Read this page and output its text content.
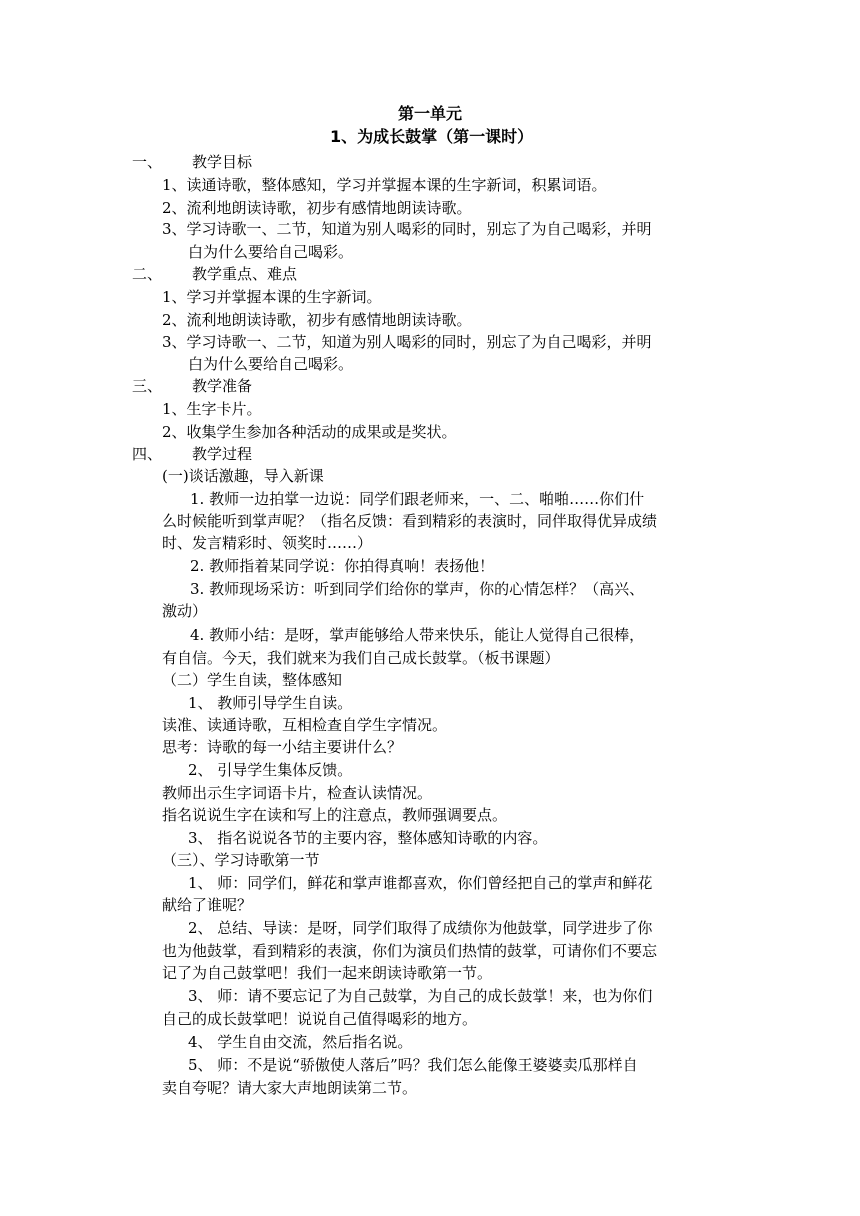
第一单元
1、为成长鼓掌（第一课时）
一、 教学目标
1、读通诗歌，整体感知，学习并掌握本课的生字新词，积累词语。
2、流利地朗读诗歌，初步有感情地朗读诗歌。
3、学习诗歌一、二节，知道为别人喝彩的同时，别忘了为自己喝彩，并明
白为什么要给自己喝彩。
二、 教学重点、难点
1、学习并掌握本课的生字新词。
2、流利地朗读诗歌，初步有感情地朗读诗歌。
3、学习诗歌一、二节，知道为别人喝彩的同时，别忘了为自己喝彩，并明
白为什么要给自己喝彩。
三、 教学准备
1、生字卡片。
2、收集学生参加各种活动的成果或是奖状。
四、 教学过程
(一)谈话激趣，导入新课
1. 教师一边拍掌一边说：同学们跟老师来，一、二、啪啪……你们什
么时候能听到掌声呢？（指名反馈：看到精彩的表演时，同伴取得优异成绩
时、发言精彩时、领奖时……）
2. 教师指着某同学说：你拍得真响！表扬他！
3. 教师现场采访：听到同学们给你的掌声，你的心情怎样？（高兴、
激动）
4. 教师小结：是呀，掌声能够给人带来快乐，能让人觉得自己很棒，
有自信。今天，我们就来为我们自己成长鼓掌。（板书课题）
（二）学生自读，整体感知
1、 教师引导学生自读。
读准、读通诗歌，互相检查自学生字情况。
思考：诗歌的每一小结主要讲什么？
2、 引导学生集体反馈。
教师出示生字词语卡片，检查认读情况。
指名说说生字在读和写上的注意点，教师强调要点。
3、 指名说说各节的主要内容，整体感知诗歌的内容。
（三）、学习诗歌第一节
1、 师：同学们，鲜花和掌声谁都喜欢，你们曾经把自己的掌声和鲜花
献给了谁呢？
2、 总结、导读：是呀，同学们取得了成绩你为他鼓掌，同学进步了你
也为他鼓掌，看到精彩的表演，你们为演员们热情的鼓掌，可请你们不要忘
记了为自己鼓掌吧！我们一起来朗读诗歌第一节。
3、 师：请不要忘记了为自己鼓掌，为自己的成长鼓掌！来，也为你们
自己的成长鼓掌吧！说说自己值得喝彩的地方。
4、 学生自由交流，然后指名说。
5、 师：不是说“骄傲使人落后”吗？我们怎么能像王婆婆卖瓜那样自
卖自夸呢？请大家大声地朗读第二节。
